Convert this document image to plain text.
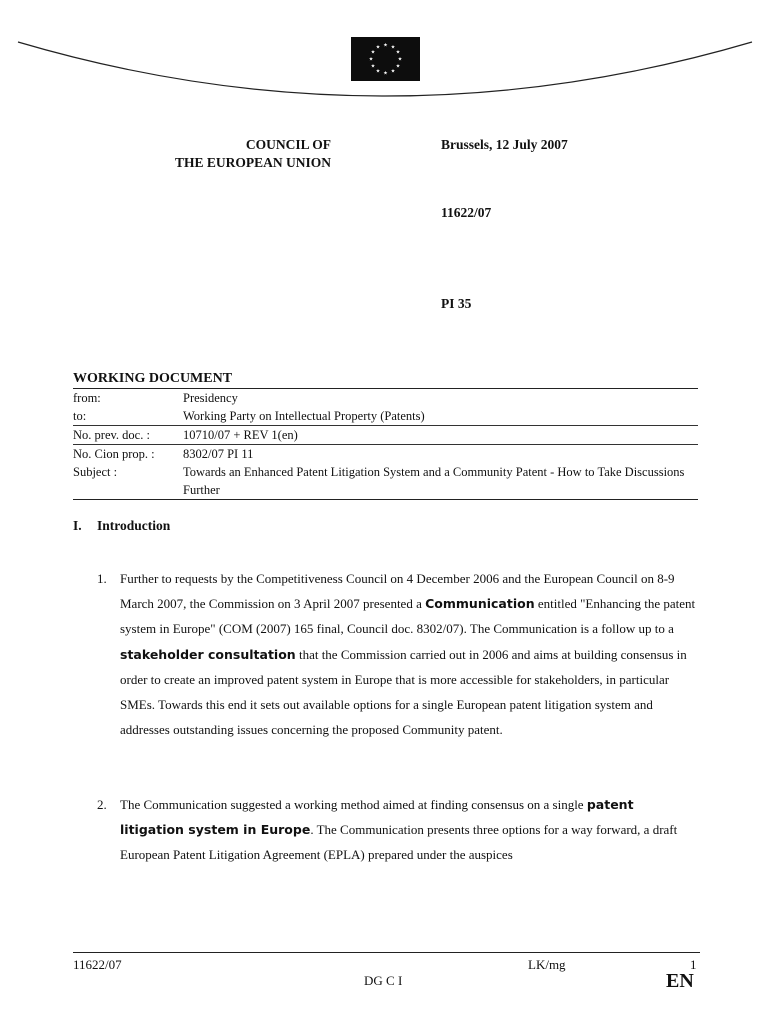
★ ★
★
★
★
★
★
★
★
★
★
★
COUNCIL OF
THE EUROPEAN UNION
Brussels, 12 July 2007
11622/07
PI 35
WORKING DOCUMENT
from:	Presidency
to:	Working Party on Intellectual Property (Patents)
No. prev. doc. :	10710/07 + REV 1(en)
No. Cion prop. :	8302/07 PI 11
Subject :	Towards an Enhanced Patent Litigation System and a Community Patent - How to Take Discussions Further
I. Introduction
1.	Further to requests by the Competitiveness Council on 4 December 2006 and the European Council on 8-9 March 2007, the Commission on 3 April 2007 presented a Communication entitled "Enhancing the patent system in Europe" (COM (2007) 165 final, Council doc. 8302/07). The Communication is a follow up to a stakeholder consultation that the Commission carried out in 2006 and aims at building consensus in order to create an improved patent system in Europe that is more accessible for stakeholders, in particular SMEs. Towards this end it sets out available options for a single European patent litigation system and addresses outstanding issues concerning the proposed Community patent.
2.	The Communication suggested a working method aimed at finding consensus on a single patent litigation system in Europe. The Communication presents three options for a way forward, a draft European Patent Litigation Agreement (EPLA) prepared under the auspices
11622/07	LK/mg	1
DG C I	EN
